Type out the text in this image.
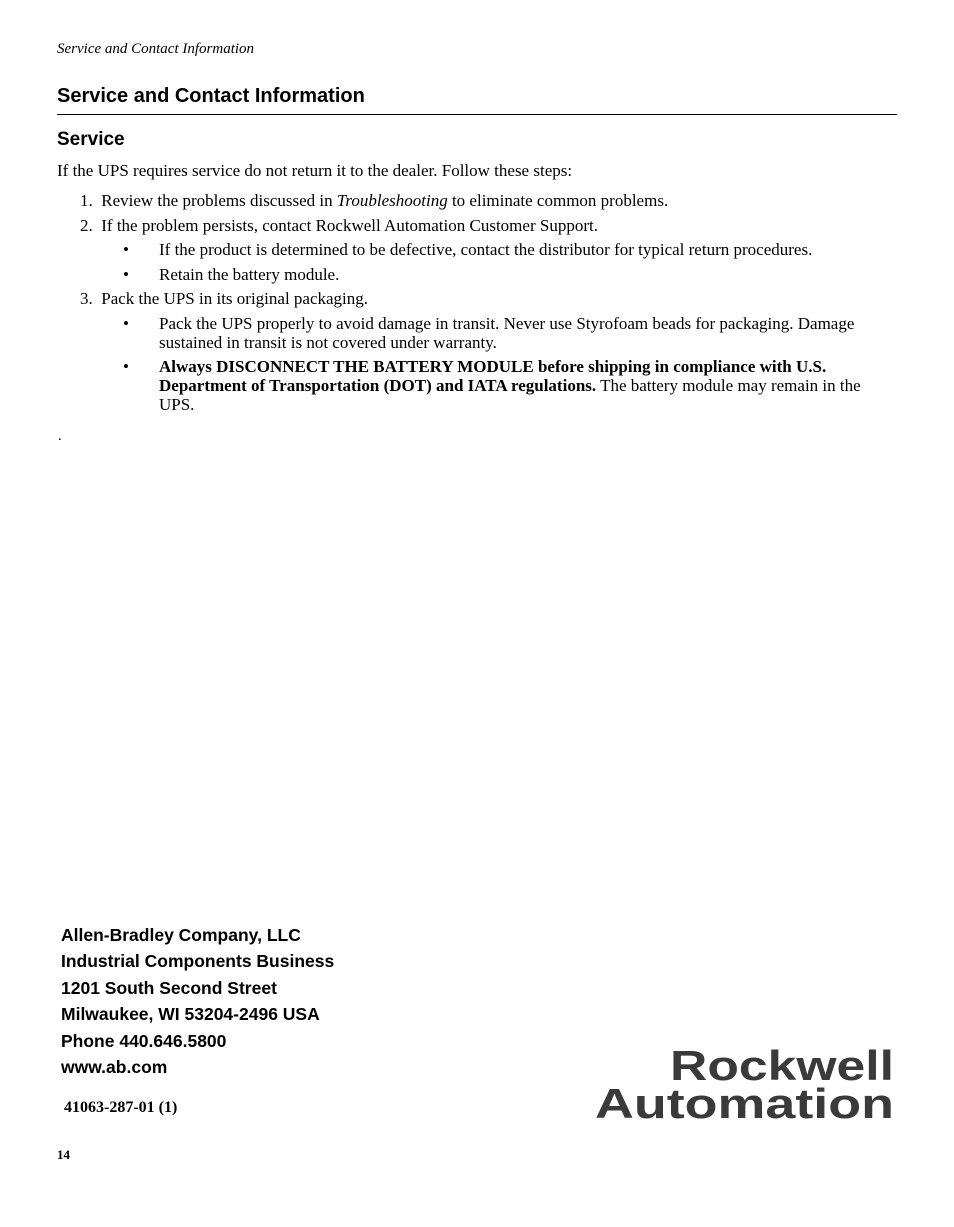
Service and Contact Information
Service and Contact Information
Service
If the UPS requires service do not return it to the dealer. Follow these steps:
1. Review the problems discussed in Troubleshooting to eliminate common problems.
2. If the problem persists, contact Rockwell Automation Customer Support.
• If the product is determined to be defective, contact the distributor for typical return procedures.
• Retain the battery module.
3. Pack the UPS in its original packaging.
• Pack the UPS properly to avoid damage in transit. Never use Styrofoam beads for packaging. Damage sustained in transit is not covered under warranty.
• Always DISCONNECT THE BATTERY MODULE before shipping in compliance with U.S. Department of Transportation (DOT) and IATA regulations. The battery module may remain in the UPS.
.
Allen-Bradley Company, LLC
Industrial Components Business
1201 South Second Street
Milwaukee, WI 53204-2496 USA
Phone 440.646.5800
www.ab.com
41063-287-01 (1)
14
Rockwell
Automation
